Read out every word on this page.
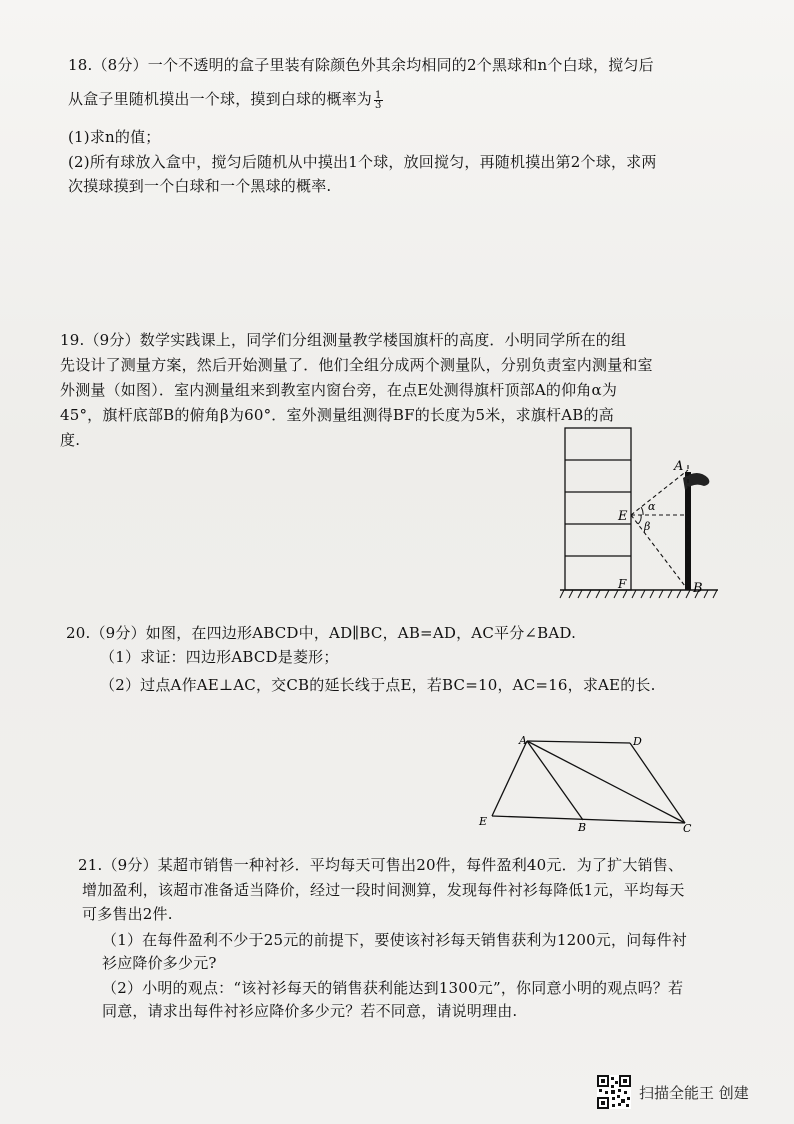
18.（8分）一个不透明的盒子里装有除颜色外其余均相同的2个黑球和n个白球，搅匀后
从盒子里随机摸出一个球，摸到白球的概率为 $\frac{1}{3}$
(1)求n的值；
(2)所有球放入盒中，搅匀后随机从中摸出1个球，放回搅匀，再随机摸出第2个球，求两
次摸球摸到一个白球和一个黑球的概率.
19.（9分）数学实践课上，同学们分组测量教学楼国旗杆的高度．小明同学所在的组
先设计了测量方案，然后开始测量了．他们全组分成两个测量队，分别负责室内测量和室
外测量（如图）．室内测量组来到教室内窗台旁，在点E处测得旗杆顶部A的仰角α为
45°，旗杆底部B的俯角β为60°．室外测量组测得BF的长度为5米，求旗杆AB的高
度.
A
E
F	B
α
β
20.（9分）如图，在四边形ABCD中，AD∥BC，AB=AD，AC平分∠BAD.
（1）求证：四边形ABCD是菱形；
（2）过点A作AE⊥AC，交CB的延长线于点E，若BC=10，AC=16，求AE的长.
A	D
E	B	C
21.（9分）某超市销售一种衬衫．平均每天可售出20件，每件盈利40元．为了扩大销售、
增加盈利，该超市准备适当降价，经过一段时间测算，发现每件衬衫每降低1元，平均每天
可多售出2件.
（1）在每件盈利不少于25元的前提下，要使该衬衫每天销售获利为1200元，问每件衬
衫应降价多少元?
（2）小明的观点：“该衬衫每天的销售获利能达到1300元”，你同意小明的观点吗？若
同意，请求出每件衬衫应降价多少元？若不同意，请说明理由.
扫描全能王 创建
